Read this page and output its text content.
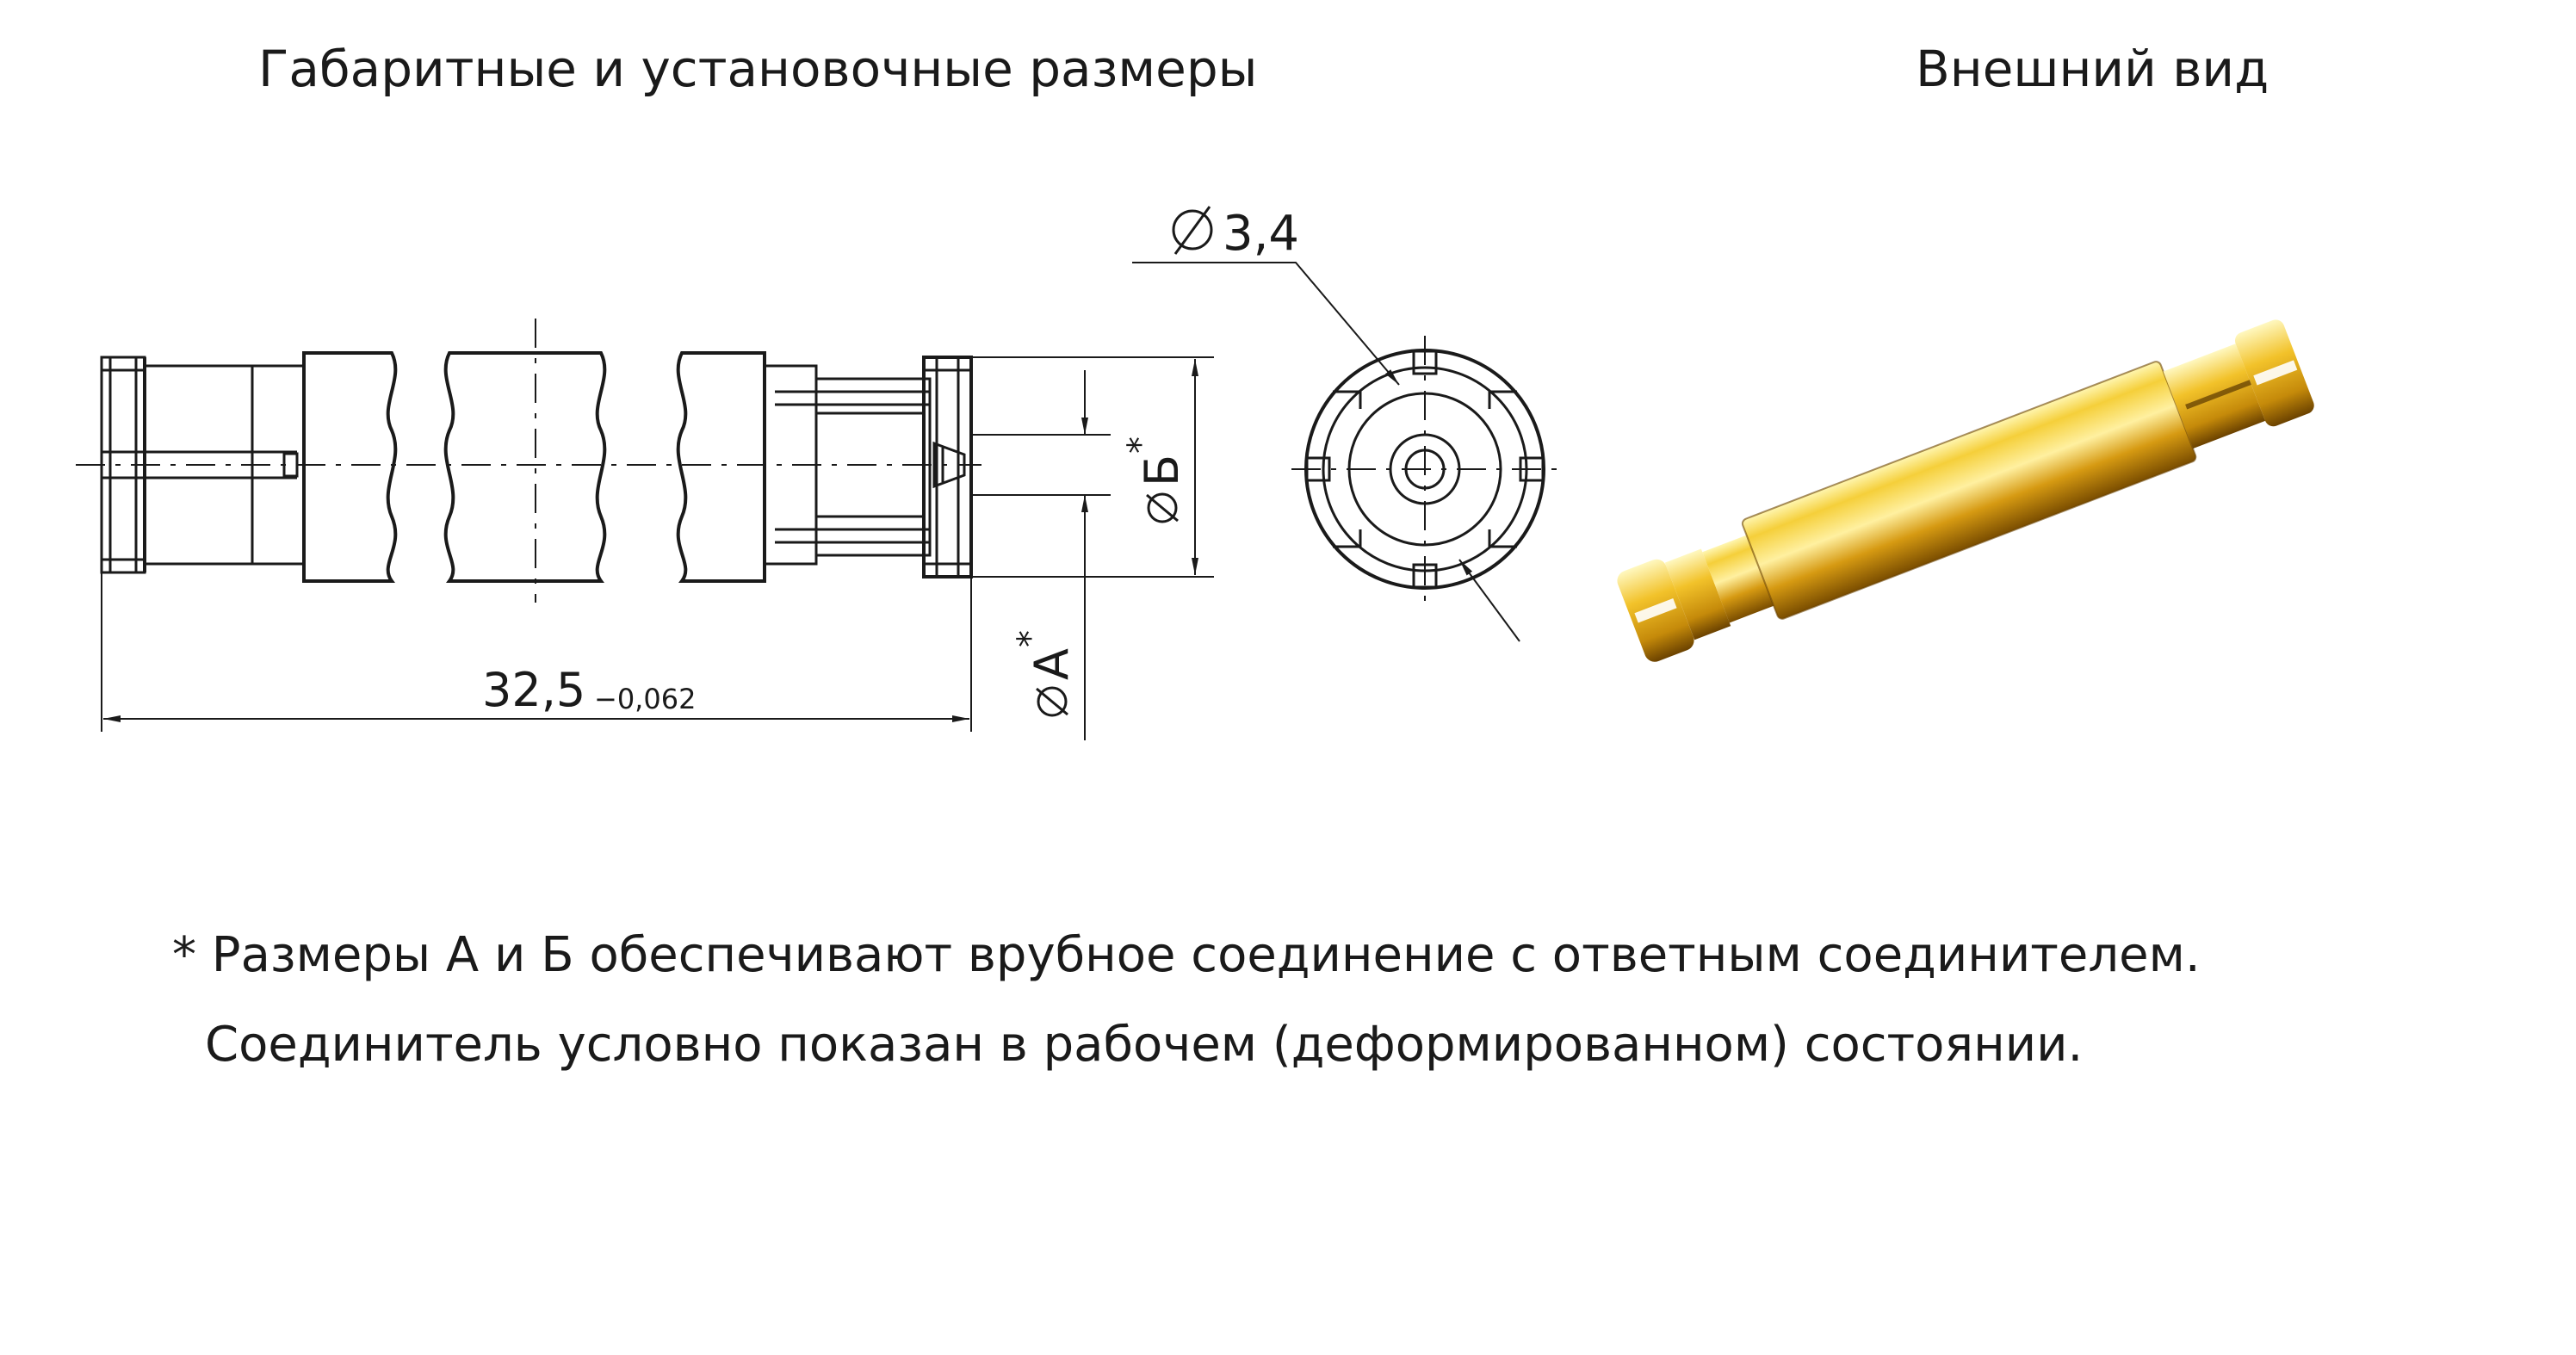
Габаритные и установочные размеры	Внешний вид
32,5 −0,062
A
*
Б
*
3,4
* Размеры А и Б обеспечивают врубное соединение с ответным соединителем.
Соединитель условно показан в рабочем (деформированном) состоянии.
